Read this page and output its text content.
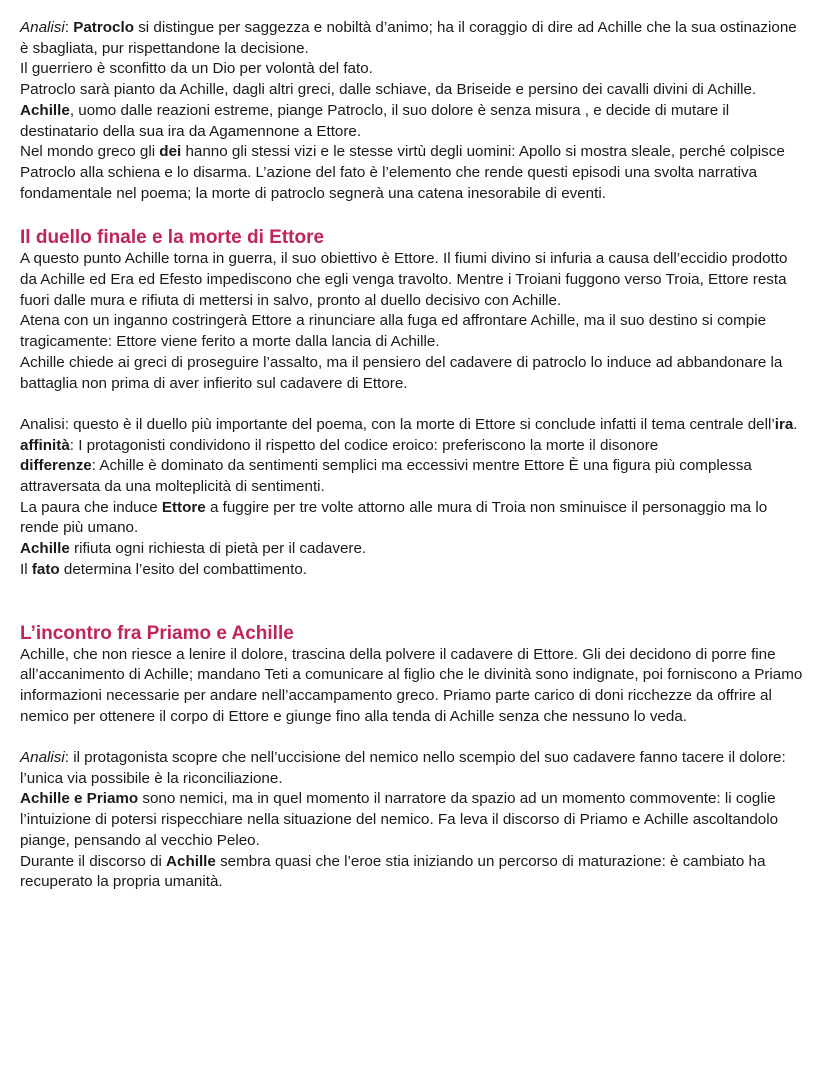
Analisi: Patroclo si distingue per saggezza e nobiltà d’animo; ha il coraggio di dire ad Achille che la sua ostinazione è sbagliata, pur rispettandone la decisione.

Il guerriero è sconfitto da un Dio per volontà del fato.

Patroclo sarà pianto da Achille, dagli altri greci, dalle schiave, da Briseide e persino dei cavalli divini di Achille.

Achille, uomo dalle reazioni estreme, piange Patroclo, il suo dolore è senza misura , e decide di mutare il destinatario della sua ira da Agamennone a Ettore.

Nel mondo greco gli dei hanno gli stessi vizi e le stesse virtù degli uomini: Apollo si mostra sleale, perché colpisce Patroclo alla schiena e lo disarma. L’azione del fato è l’elemento che rende questi episodi una svolta narrativa fondamentale nel poema; la morte di patroclo segnerà una catena inesorabile di eventi.

Il duello finale e la morte di Ettore

A questo punto Achille torna in guerra, il suo obiettivo è Ettore. Il fiumi divino si infuria a causa dell’eccidio prodotto da Achille ed Era ed Efesto impediscono che egli venga travolto. Mentre i Troiani fuggono verso Troia, Ettore resta fuori dalle mura e rifiuta di mettersi in salvo, pronto al duello decisivo con Achille.

Atena con un inganno costringerà Ettore a rinunciare alla fuga ed affrontare Achille, ma il suo destino si compie tragicamente: Ettore viene ferito a morte dalla lancia di Achille.

Achille chiede ai greci di proseguire l’assalto, ma il pensiero del cadavere di patroclo lo induce ad abbandonare la battaglia non prima di aver infierito sul cadavere di Ettore.

Analisi: questo è il duello più importante del poema, con la morte di Ettore si conclude infatti il tema centrale dell’ira.

affinità: I protagonisti condividono il rispetto del codice eroico: preferiscono la morte il disonore

differenze: Achille è dominato da sentimenti semplici ma eccessivi mentre Ettore È una figura più complessa attraversata da una molteplicità di sentimenti.

La paura che induce Ettore a fuggire per tre volte attorno alle mura di Troia non sminuisce il personaggio ma lo rende più umano.

Achille rifiuta ogni richiesta di pietà per il cadavere.

Il fato determina l’esito del combattimento.

L’incontro fra Priamo e Achille

Achille, che non riesce a lenire il dolore, trascina della polvere il cadavere di Ettore. Gli dei decidono di porre fine all’accanimento di Achille; mandano Teti a comunicare al figlio che le divinità sono indignate, poi forniscono a Priamo informazioni necessarie per andare nell’accampamento greco. Priamo parte carico di doni ricchezze da offrire al nemico per ottenere il corpo di Ettore e giunge fino alla tenda di Achille senza che nessuno lo veda.

Analisi: il protagonista scopre che nell’uccisione del nemico nello scempio del suo cadavere fanno tacere il dolore: l’unica via possibile è la riconciliazione.

Achille e Priamo sono nemici, ma in quel momento il narratore da spazio ad un momento commovente: li coglie l’intuizione di potersi rispecchiare nella situazione del nemico. Fa leva il discorso di Priamo e Achille ascoltandolo piange, pensando al vecchio Peleo.

Durante il discorso di Achille sembra quasi che l’eroe stia iniziando un percorso di maturazione: è cambiato ha recuperato la propria umanità.
